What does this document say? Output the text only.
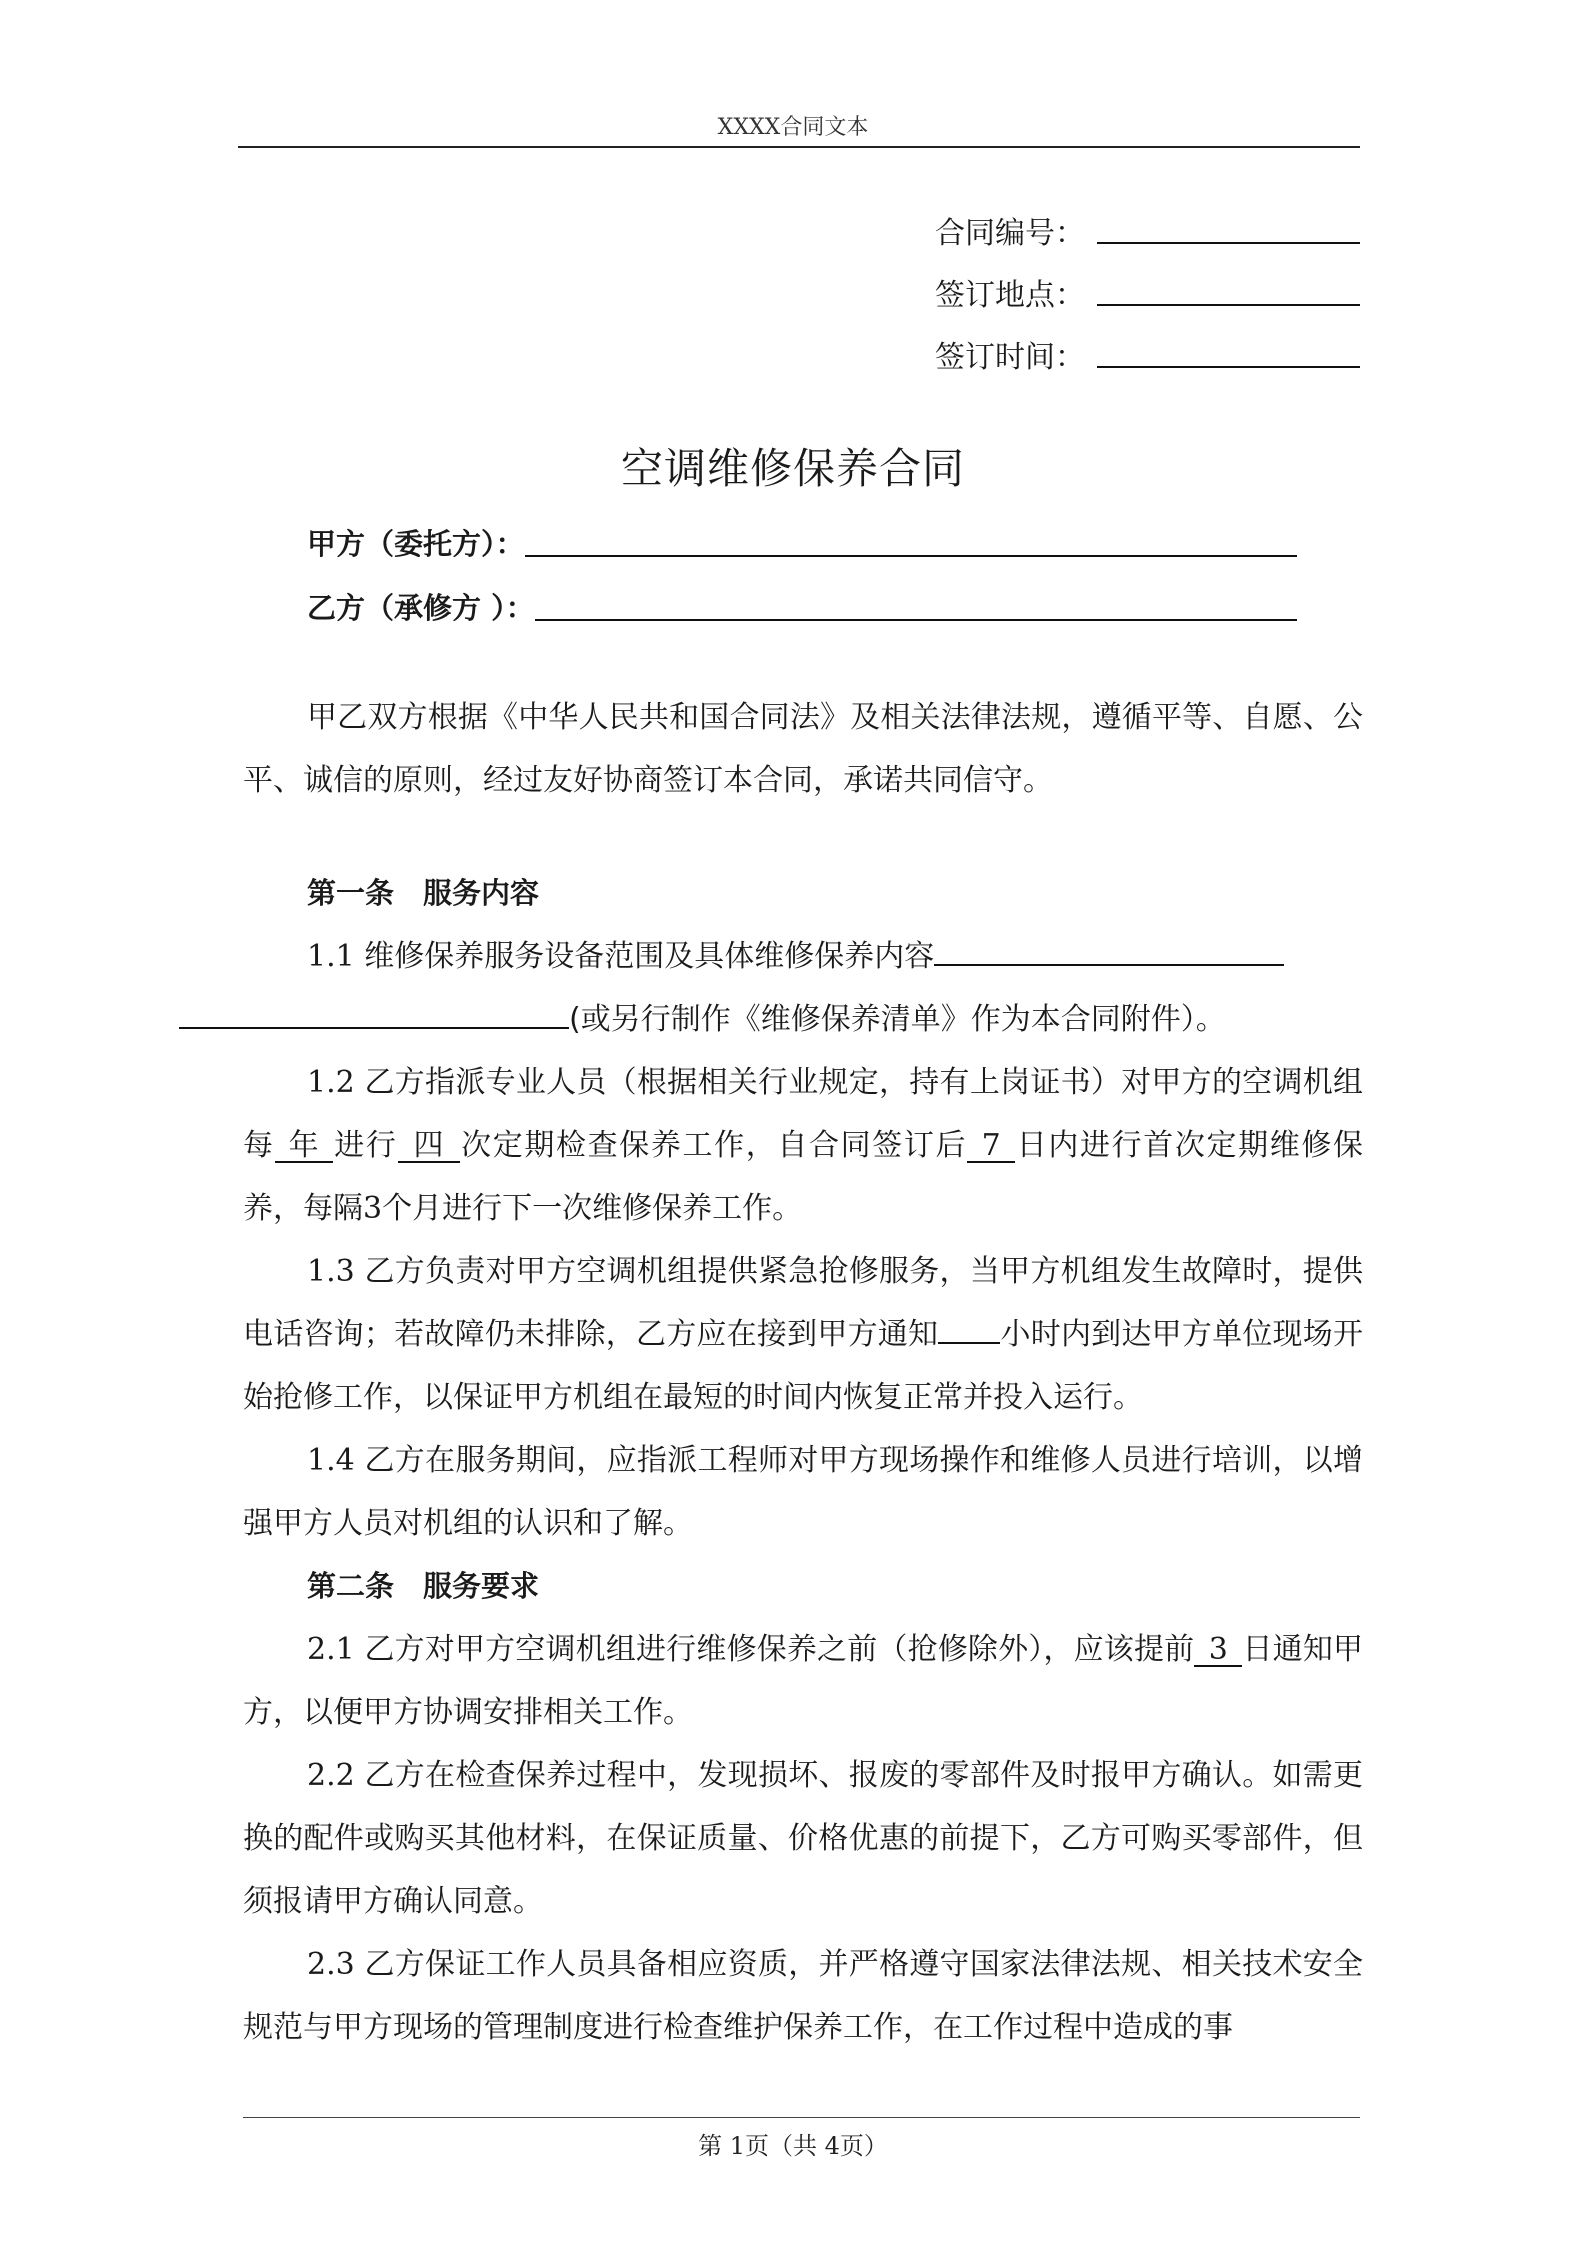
XXXX合同文本
合同编号：
签订地点：
签订时间：
空调维修保养合同
甲方（委托方）：
乙方（承修方 ）：

甲乙双方根据《中华人民共和国合同法》及相关法律法规，遵循平等、自愿、公平、诚信的原则，经过友好协商签订本合同，承诺共同信守。

第一条　服务内容

1.1 维修保养服务设备范围及具体维修保养内容
(或另行制作《维修保养清单》作为本合同附件）。

1.2 乙方指派专业人员（根据相关行业规定，持有上岗证书）对甲方的空调机组每 年 进行 四 次定期检查保养工作，自合同签订后 7 日内进行首次定期维修保养，每隔3个月进行下一次维修保养工作。

1.3 乙方负责对甲方空调机组提供紧急抢修服务，当甲方机组发生故障时，提供电话咨询；若故障仍未排除，乙方应在接到甲方通知 小时内到达甲方单位现场开始抢修工作，以保证甲方机组在最短的时间内恢复正常并投入运行。

1.4 乙方在服务期间，应指派工程师对甲方现场操作和维修人员进行培训，以增强甲方人员对机组的认识和了解。

第二条　服务要求

2.1 乙方对甲方空调机组进行维修保养之前（抢修除外），应该提前 3 日通知甲方，以便甲方协调安排相关工作。

2.2 乙方在检查保养过程中，发现损坏、报废的零部件及时报甲方确认。如需更换的配件或购买其他材料，在保证质量、价格优惠的前提下，乙方可购买零部件，但须报请甲方确认同意。

2.3 乙方保证工作人员具备相应资质，并严格遵守国家法律法规、相关技术安全规范与甲方现场的管理制度进行检查维护保养工作，在工作过程中造成的事

第 1页（共 4页）
